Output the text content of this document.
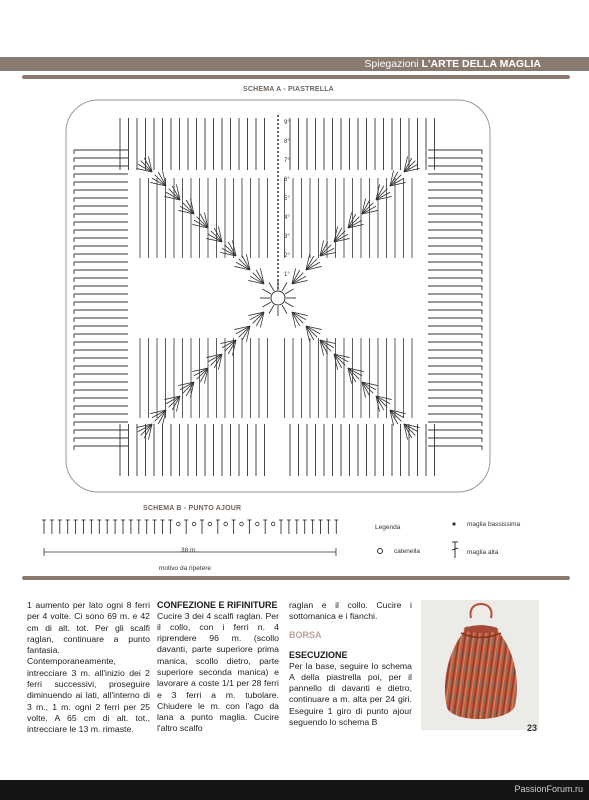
Spiegazioni L'ARTE DELLA MAGLIA
SCHEMA A - PIASTRELLA
9°
8°
7°
6°
5°
4°
3°
2°
1°
SCHEMA B - PUNTO AJOUR
Legenda	maglia bassissima
catenella	maglia alta
38 m.
motivo da ripetere

1 aumento per lato ogni 8 ferri per 4 volte. Ci sono 69 m. e 42 cm di alt. tot. Per gli scalfi raglan, continuare a punto fantasia. Contemporaneamente, intrecciare 3 m. all'inizio dei 2 ferri successivi, proseguire diminuendo ai lati, all'interno di 3 m., 1 m. ogni 2 ferri per 25 volte. A 65 cm di alt. tot., intrecciare le 13 m. rimaste.

CONFEZIONE E RIFINITURE

Cucire 3 dei 4 scalfi raglan. Per il collo, con i ferri n. 4 riprendere 96 m. (scollo davanti, parte superiore prima manica, scollo dietro, parte superiore seconda manica) e lavorare a coste 1/1 per 28 ferri e 3 ferri a m. tubolare. Chiudere le m. con l'ago da lana a punto maglia. Cucire l'altro scalfo

raglan e il collo. Cucire i sottomanica e i fianchi.

BORSA
ESECUZIONE

Per la base, seguire lo schema A della piastrella poi, per il pannello di davanti e dietro, continuare a m. alta per 24 giri. Eseguire 1 giro di punto ajour seguendo lo schema B

23
PassionForum.ru
